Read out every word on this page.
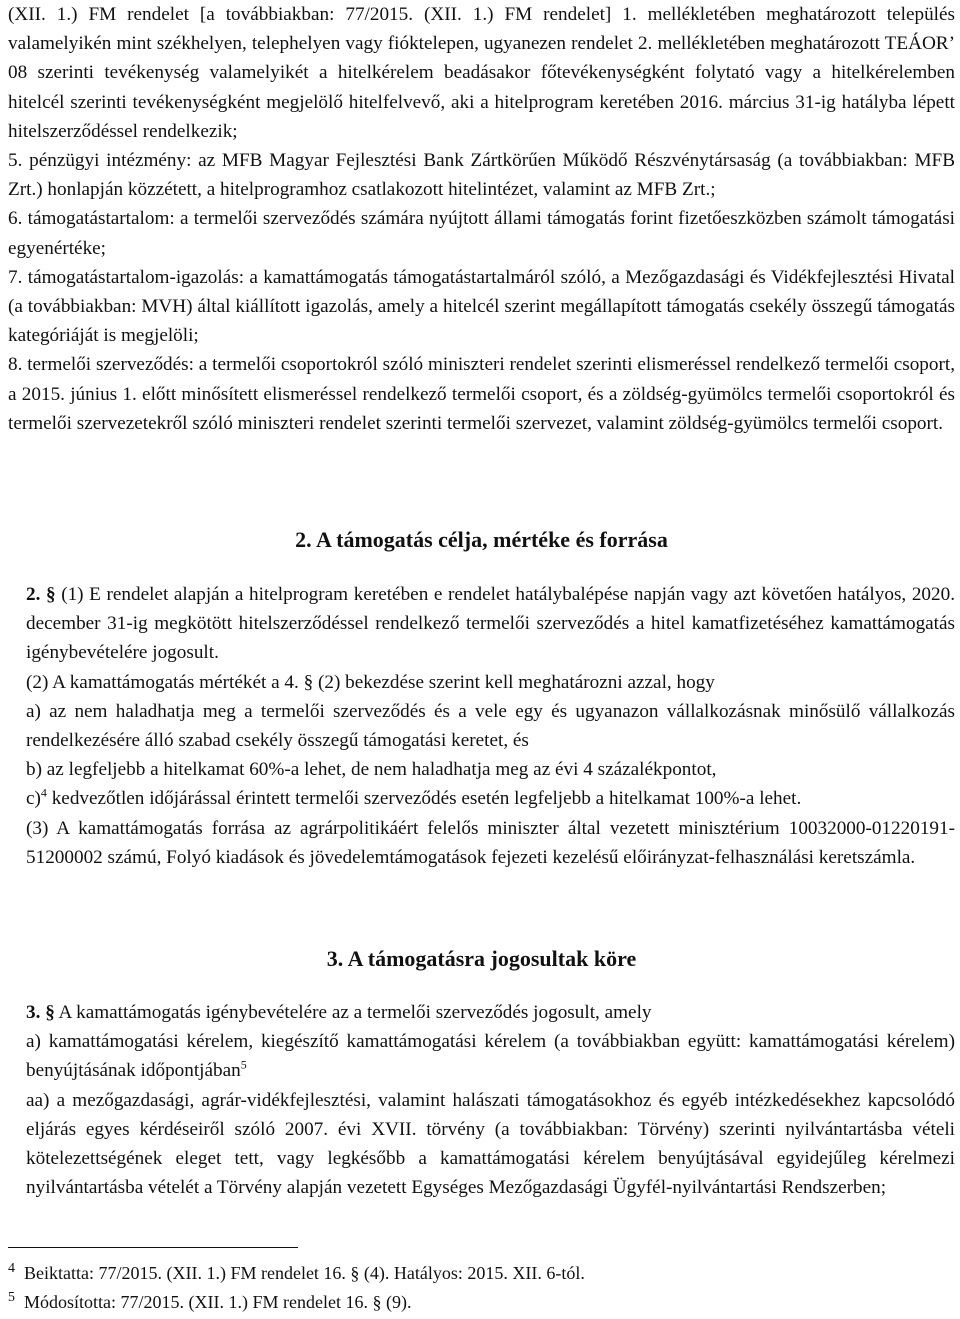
(XII. 1.) FM rendelet [a továbbiakban: 77/2015. (XII. 1.) FM rendelet] 1. mellékletében meghatározott település valamelyikén mint székhelyen, telephelyen vagy fióktelepen, ugyanezen rendelet 2. mellékletében meghatározott TEÁOR’ 08 szerinti tevékenység valamelyikét a hitelkérelem beadásakor főtevékenységként folytató vagy a hitelkérelemben hitelcél szerinti tevékenységként megjelölő hitelfelvevő, aki a hitelprogram keretében 2016. március 31-ig hatályba lépett hitelszerződéssel rendelkezik;

5. pénzügyi intézmény: az MFB Magyar Fejlesztési Bank Zártkörűen Működő Részvénytársaság (a továbbiakban: MFB Zrt.) honlapján közzétett, a hitelprogramhoz csatlakozott hitelintézet, valamint az MFB Zrt.;

6. támogatástartalom: a termelői szerveződés számára nyújtott állami támogatás forint fizetőeszközben számolt támogatási egyenértéke;

7. támogatástartalom-igazolás: a kamattámogatás támogatástartalmáról szóló, a Mezőgazdasági és Vidékfejlesztési Hivatal (a továbbiakban: MVH) által kiállított igazolás, amely a hitelcél szerint megállapított támogatás csekély összegű támogatás kategóriáját is megjelöli;

8. termelői szerveződés: a termelői csoportokról szóló miniszteri rendelet szerinti elismeréssel rendelkező termelői csoport, a 2015. június 1. előtt minősített elismeréssel rendelkező termelői csoport, és a zöldség-gyümölcs termelői csoportokról és termelői szervezetekről szóló miniszteri rendelet szerinti termelői szervezet, valamint zöldség-gyümölcs termelői csoport.

2. A támogatás célja, mértéke és forrása

2. § (1) E rendelet alapján a hitelprogram keretében e rendelet hatálybalépése napján vagy azt követően hatályos, 2020. december 31-ig megkötött hitelszerződéssel rendelkező termelői szerveződés a hitel kamatfizetéséhez kamattámogatás igénybevételére jogosult.

(2) A kamattámogatás mértékét a 4. § (2) bekezdése szerint kell meghatározni azzal, hogy

a) az nem haladhatja meg a termelői szerveződés és a vele egy és ugyanazon vállalkozásnak minősülő vállalkozás rendelkezésére álló szabad csekély összegű támogatási keretet, és

b) az legfeljebb a hitelkamat 60%-a lehet, de nem haladhatja meg az évi 4 százalékpontot,

c)$^4$ kedvezőtlen időjárással érintett termelői szerveződés esetén legfeljebb a hitelkamat 100%-a lehet.

(3) A kamattámogatás forrása az agrárpolitikáért felelős miniszter által vezetett minisztérium 10032000-01220191-51200002 számú, Folyó kiadások és jövedelemtámogatások fejezeti kezelésű előirányzat-felhasználási keretszámla.

3. A támogatásra jogosultak köre

3. § A kamattámogatás igénybevételére az a termelői szerveződés jogosult, amely

a) kamattámogatási kérelem, kiegészítő kamattámogatási kérelem (a továbbiakban együtt: kamattámogatási kérelem) benyújtásának időpontjában$^5$

aa) a mezőgazdasági, agrár-vidékfejlesztési, valamint halászati támogatásokhoz és egyéb intézkedésekhez kapcsolódó eljárás egyes kérdéseiről szóló 2007. évi XVII. törvény (a továbbiakban: Törvény) szerinti nyilvántartásba vételi kötelezettségének eleget tett, vagy legkésőbb a kamattámogatási kérelem benyújtásával egyidejűleg kérelmezi nyilvántartásba vételét a Törvény alapján vezetett Egységes Mezőgazdasági Ügyfél-nyilvántartási Rendszerben;

$^4$ Beiktatta: 77/2015. (XII. 1.) FM rendelet 16. § (4). Hatályos: 2015. XII. 6-tól.
$^5$ Módosította: 77/2015. (XII. 1.) FM rendelet 16. § (9).
